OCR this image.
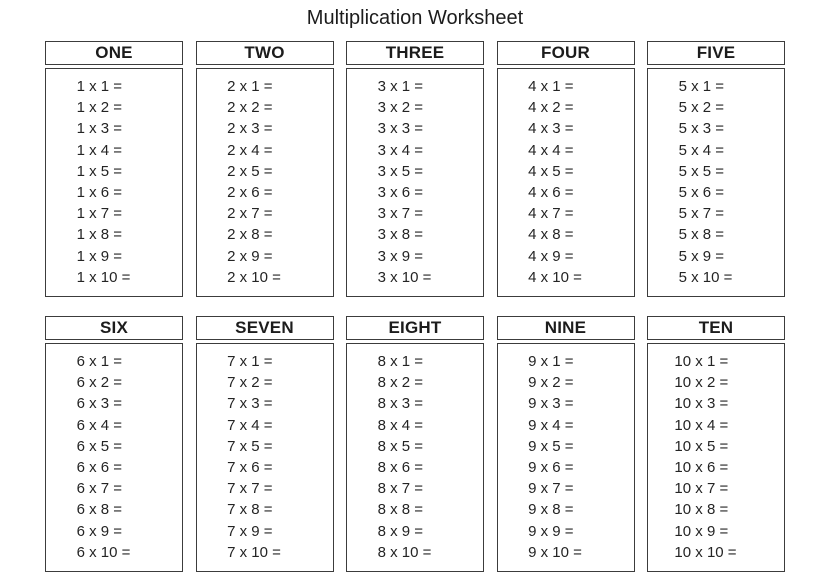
Multiplication Worksheet
ONE
1 x 1 =
1 x 2 =
1 x 3 =
1 x 4 =
1 x 5 =
1 x 6 =
1 x 7 =
1 x 8 =
1 x 9 =
1 x 10 =
TWO
2 x 1 =
2 x 2 =
2 x 3 =
2 x 4 =
2 x 5 =
2 x 6 =
2 x 7 =
2 x 8 =
2 x 9 =
2 x 10 =
THREE
3 x 1 =
3 x 2 =
3 x 3 =
3 x 4 =
3 x 5 =
3 x 6 =
3 x 7 =
3 x 8 =
3 x 9 =
3 x 10 =
FOUR
4 x 1 =
4 x 2 =
4 x 3 =
4 x 4 =
4 x 5 =
4 x 6 =
4 x 7 =
4 x 8 =
4 x 9 =
4 x 10 =
FIVE
5 x 1 =
5 x 2 =
5 x 3 =
5 x 4 =
5 x 5 =
5 x 6 =
5 x 7 =
5 x 8 =
5 x 9 =
5 x 10 =
SIX
6 x 1 =
6 x 2 =
6 x 3 =
6 x 4 =
6 x 5 =
6 x 6 =
6 x 7 =
6 x 8 =
6 x 9 =
6 x 10 =
SEVEN
7 x 1 =
7 x 2 =
7 x 3 =
7 x 4 =
7 x 5 =
7 x 6 =
7 x 7 =
7 x 8 =
7 x 9 =
7 x 10 =
EIGHT
8 x 1 =
8 x 2 =
8 x 3 =
8 x 4 =
8 x 5 =
8 x 6 =
8 x 7 =
8 x 8 =
8 x 9 =
8 x 10 =
NINE
9 x 1 =
9 x 2 =
9 x 3 =
9 x 4 =
9 x 5 =
9 x 6 =
9 x 7 =
9 x 8 =
9 x 9 =
9 x 10 =
TEN
10 x 1 =
10 x 2 =
10 x 3 =
10 x 4 =
10 x 5 =
10 x 6 =
10 x 7 =
10 x 8 =
10 x 9 =
10 x 10 =
